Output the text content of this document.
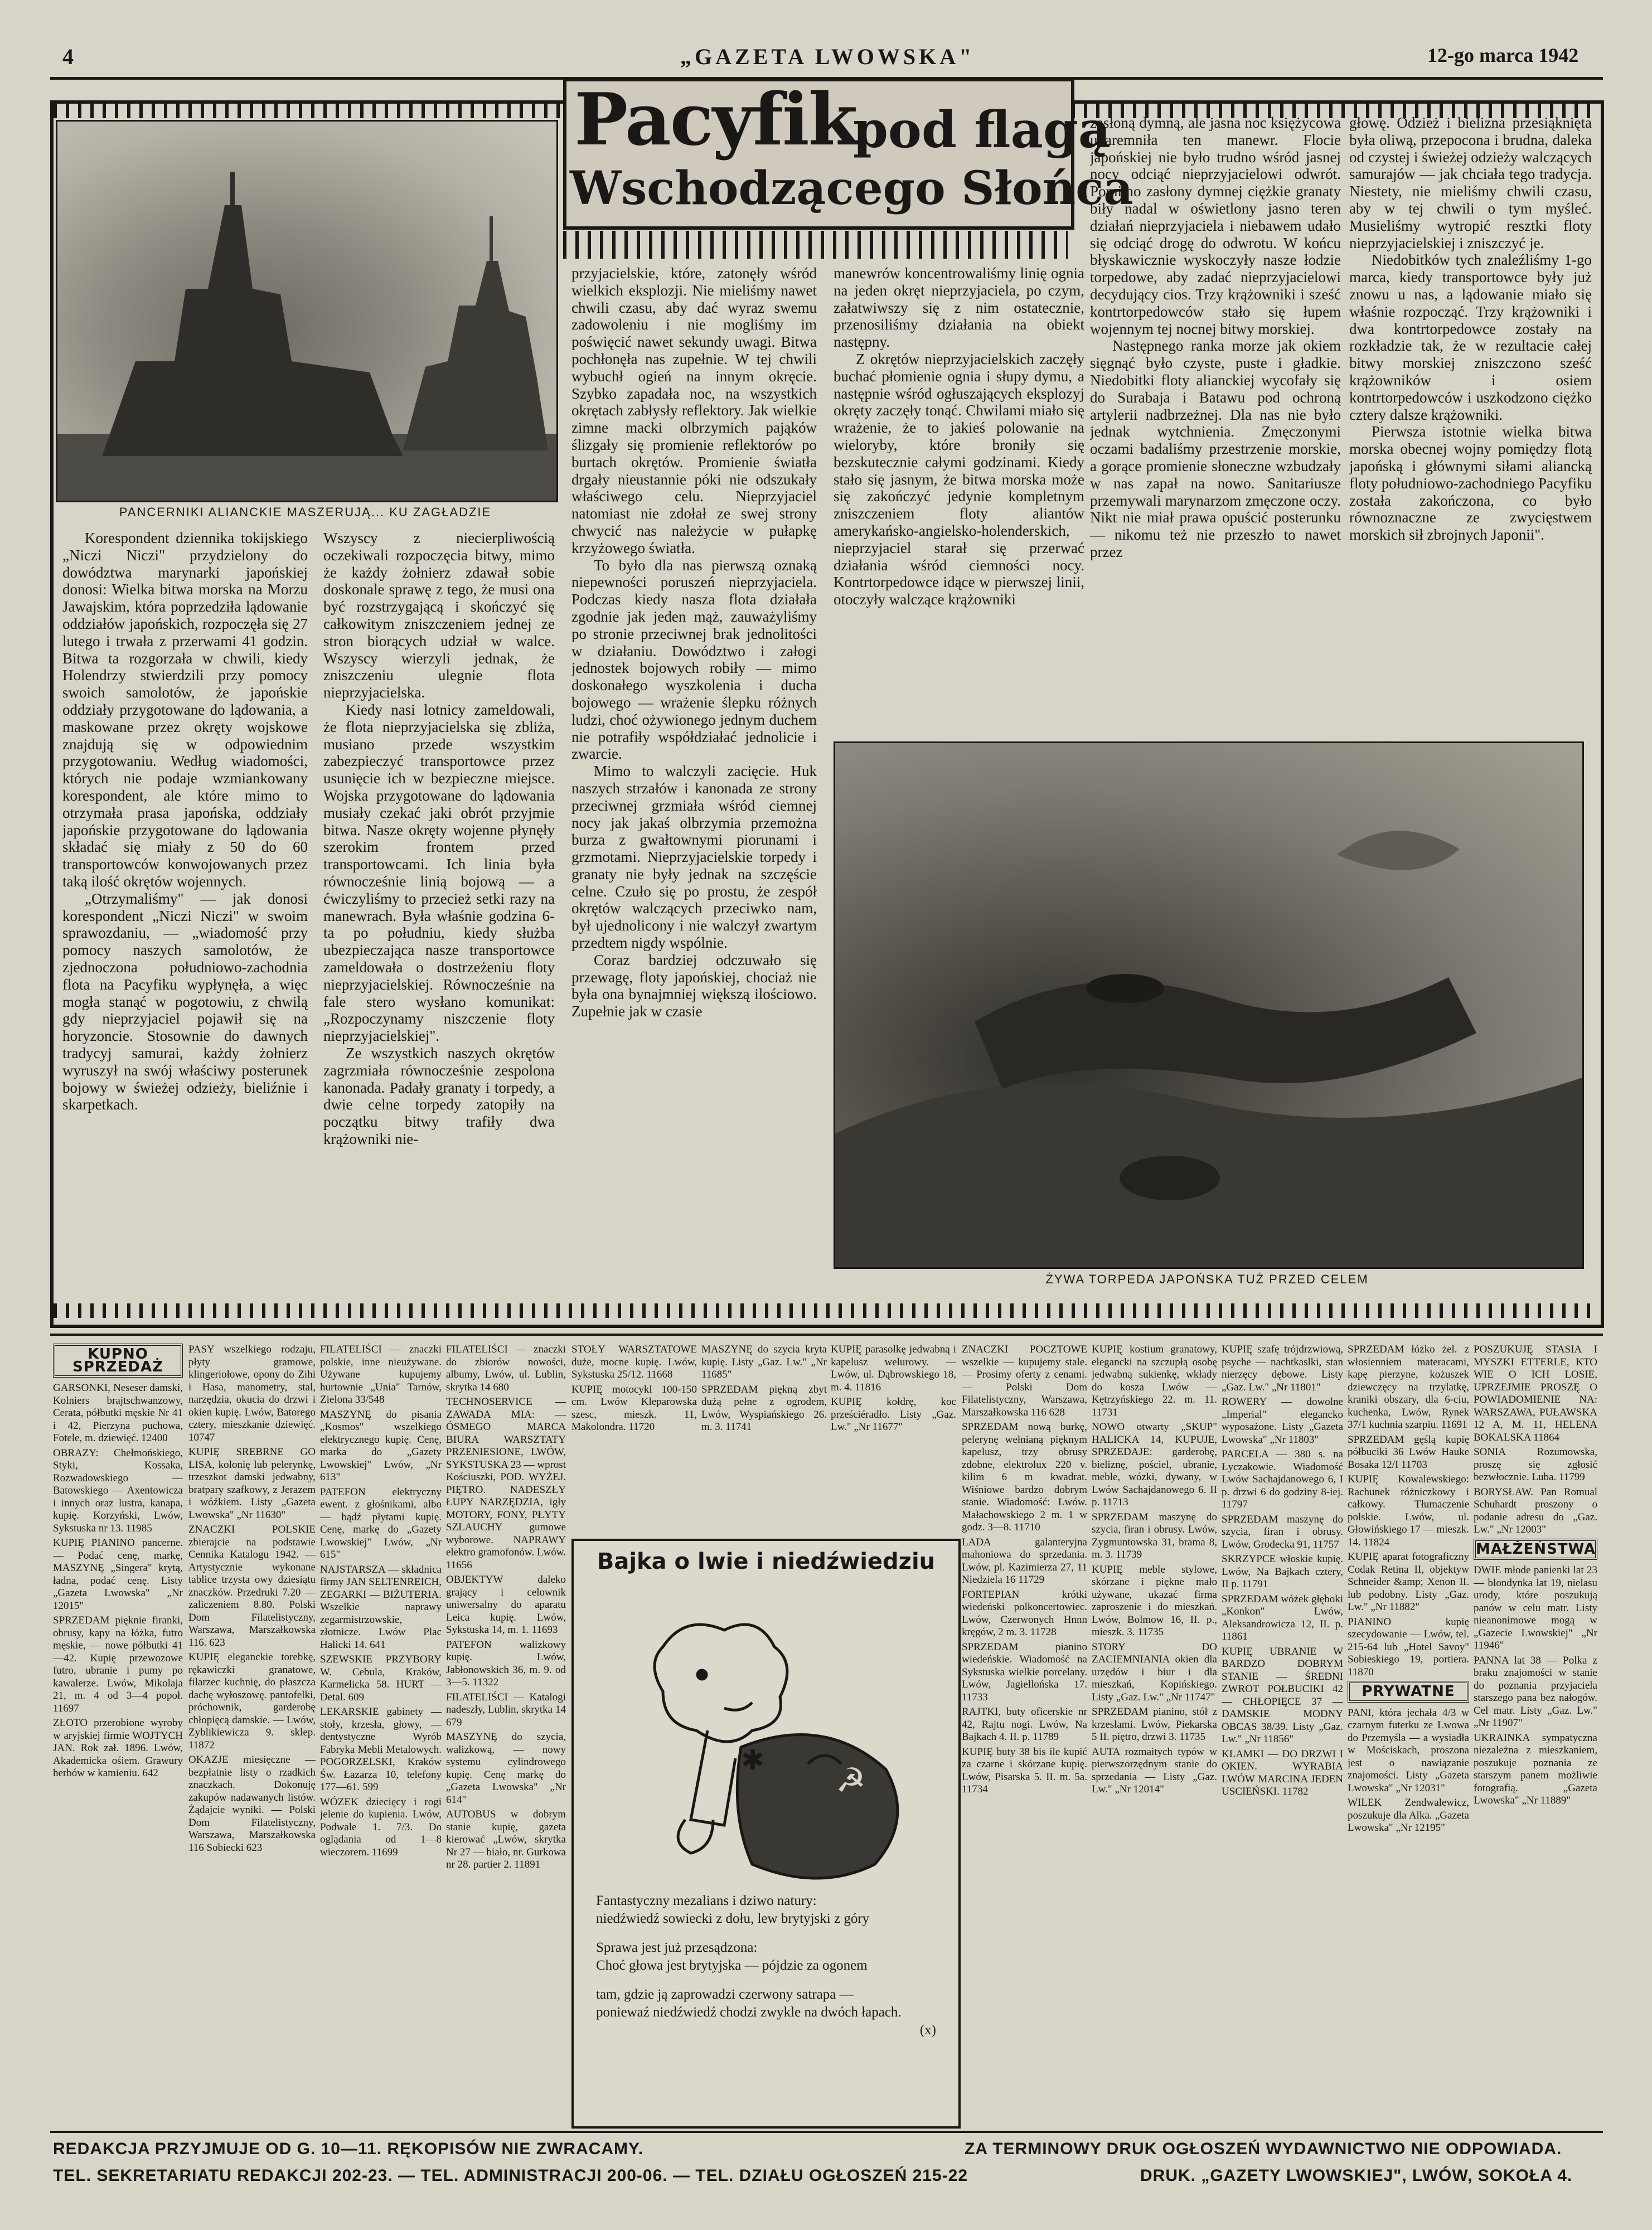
4	„GAZETA LWOWSKA"	12-go marca 1942
PANCERNIKI ALIANCKIE MASZERUJĄ... KU ZAGŁADZIE
Pacyfik
pod flagą
Wschodzącego Słońca

Korespondent dziennika tokijskiego „Niczi Niczi" przydzielony do dowództwa marynarki japońskiej donosi: Wielka bitwa morska na Morzu Jawajskim, która poprzedziła lądowanie oddziałów japońskich, rozpoczęła się 27 lutego i trwała z przerwami 41 godzin. Bitwa ta rozgorzała w chwili, kiedy Holendrzy stwierdzili przy pomocy swoich samolotów, że japońskie oddziały przygotowane do lądowania, a maskowane przez okręty wojskowe znajdują się w odpowiednim przygotowaniu. Według wiadomości, których nie podaje wzmiankowany korespondent, ale które mimo to otrzymała prasa japońska, oddziały japońskie przygotowane do lądowania składać się miały z 50 do 60 transportowców konwojowanych przez taką ilość okrętów wojennych.

„Otrzymaliśmy" — jak donosi korespondent „Niczi Niczi" w swoim sprawozdaniu, — „wiadomość przy pomocy naszych samolotów, że zjednoczona południowo-zachodnia flota na Pacyfiku wypłynęła, a więc mogła stanąć w pogotowiu, z chwilą gdy nieprzyjaciel pojawił się na horyzoncie. Stosownie do dawnych tradycyj samurai, każdy żołnierz wyruszył na swój właściwy posterunek bojowy w świeżej odzieży, bieliźnie i skarpetkach.

Wszyscy z niecierpliwością oczekiwali rozpoczęcia bitwy, mimo że każdy żołnierz zdawał sobie doskonale sprawę z tego, że musi ona być rozstrzygającą i skończyć się całkowitym zniszczeniem jednej ze stron biorących udział w walce. Wszyscy wierzyli jednak, że zniszczeniu ulegnie flota nieprzyjacielska.

Kiedy nasi lotnicy zameldowali, że flota nieprzyjacielska się zbliża, musiano przede wszystkim zabezpieczyć transportowce przez usunięcie ich w bezpieczne miejsce. Wojska przygotowane do lądowania musiały czekać jaki obrót przyjmie bitwa. Nasze okręty wojenne płynęły szerokim frontem przed transportowcami. Ich linia była równocześnie linią bojową — a ćwiczyliśmy to przecież setki razy na manewrach. Była właśnie godzina 6-ta po południu, kiedy służba ubezpieczająca nasze transportowce zameldowała o dostrzeżeniu floty nieprzyjacielskiej. Równocześnie na fale stero wysłano komunikat: „Rozpoczynamy niszczenie floty nieprzyjacielskiej".

Ze wszystkich naszych okrętów zagrzmiała równocześnie zespolona kanonada. Padały granaty i torpedy, a dwie celne torpedy zatopiły na początku bitwy trafiły dwa krążowniki nie-

przyjacielskie, które, zatonęły wśród wielkich eksplozji. Nie mieliśmy nawet chwili czasu, aby dać wyraz swemu zadowoleniu i nie mogliśmy im poświęcić nawet sekundy uwagi. Bitwa pochłonęła nas zupełnie. W tej chwili wybuchł ogień na innym okręcie. Szybko zapadała noc, na wszystkich okrętach zabłysły reflektory. Jak wielkie zimne macki olbrzymich pająków ślizgały się promienie reflektorów po burtach okrętów. Promienie światła drgały nieustannie póki nie odszukały właściwego celu. Nieprzyjaciel natomiast nie zdołał ze swej strony chwycić nas należycie w pułapkę krzyżowego światła.

To było dla nas pierwszą oznaką niepewności poruszeń nieprzyjaciela. Podczas kiedy nasza flota działała zgodnie jak jeden mąż, zauważyliśmy po stronie przeciwnej brak jednolitości w działaniu. Dowództwo i załogi jednostek bojowych robiły — mimo doskonałego wyszkolenia i ducha bojowego — wrażenie ślepku różnych ludzi, choć ożywionego jednym duchem nie potrafiły współdziałać jednolicie i zwarcie.

Mimo to walczyli zacięcie. Huk naszych strzałów i kanonada ze strony przeciwnej grzmiała wśród ciemnej nocy jak jakaś olbrzymia przemożna burza z gwałtownymi piorunami i grzmotami. Nieprzyjacielskie torpedy i granaty nie były jednak na szczęście celne. Czuło się po prostu, że zespół okrętów walczących przeciwko nam, był ujednolicony i nie walczył zwartym przedtem nigdy wspólnie.

Coraz bardziej odczuwało się przewagę, floty japońskiej, chociaż nie była ona bynajmniej większą ilościowo. Zupełnie jak w czasie

manewrów koncentrowaliśmy linię ognia na jeden okręt nieprzyjaciela, po czym, załatwiwszy się z nim ostatecznie, przenosiliśmy działania na obiekt następny.

Z okrętów nieprzyjacielskich zaczęły buchać płomienie ognia i słupy dymu, a następnie wśród ogłuszających eksplozyj okręty zaczęły tonąć. Chwilami miało się wrażenie, że to jakieś polowanie na wieloryby, które broniły się bezskutecznie całymi godzinami. Kiedy stało się jasnym, że bitwa morska może się zakończyć jedynie kompletnym zniszczeniem floty aliantów amerykańsko-angielsko-holenderskich, nieprzyjaciel starał się przerwać działania wśród ciemności nocy. Kontrtorpedowce idące w pierwszej linii, otoczyły walczące krążowniki

zasłoną dymną, ale jasna noc księżycowa udaremniła ten manewr. Flocie japońskiej nie było trudno wśród jasnej nocy odciąć nieprzyjacielowi odwrót. Pomimo zasłony dymnej ciężkie granaty biły nadal w oświetlony jasno teren działań nieprzyjaciela i niebawem udało się odciąć drogę do odwrotu. W końcu błyskawicznie wyskoczyły nasze łodzie torpedowe, aby zadać nieprzyjacielowi decydujący cios. Trzy krążowniki i sześć kontrtorpedowców stało się łupem wojennym tej nocnej bitwy morskiej.

Następnego ranka morze jak okiem sięgnąć było czyste, puste i gładkie. Niedobitki floty alianckiej wycofały się do Surabaja i Batawu pod ochroną artylerii nadbrzeżnej. Dla nas nie było jednak wytchnienia. Zmęczonymi oczami badaliśmy przestrzenie morskie, a gorące promienie słoneczne wzbudzały w nas zapał na nowo. Sanitariusze przemywali marynarzom zmęczone oczy. Nikt nie miał prawa opuścić posterunku — nikomu też nie przeszło to nawet przez

głowę. Odzież i bielizna przesiąknięta była oliwą, przepocona i brudna, daleka od czystej i świeżej odzieży walczących samurajów — jak chciała tego tradycja. Niestety, nie mieliśmy chwili czasu, aby w tej chwili o tym myśleć. Musieliśmy wytropić resztki floty nieprzyjacielskiej i zniszczyć je.

Niedobitków tych znaleźliśmy 1-go marca, kiedy transportowce były już znowu u nas, a lądowanie miało się właśnie rozpocząć. Trzy krążowniki i dwa kontrtorpedowce zostały na rozkładzie tak, że w rezultacie całej bitwy morskiej zniszczono sześć krążowników i osiem kontrtorpedowców i uszkodzono ciężko cztery dalsze krążowniki.

Pierwsza istotnie wielka bitwa morska obecnej wojny pomiędzy flotą japońską i głównymi siłami aliancką floty południowo-zachodniego Pacyfiku została zakończona, co było równoznaczne ze zwycięstwem morskich sił zbrojnych Japonii".

ŻYWA TORPEDA JAPOŃSKA TUŻ PRZED CELEM
KUPNO SPRZEDAŻ

GARSONKI, Neseser damski, Kolniers brajtschwanzowy, Cerata, półbutki męskie Nr 41 i 42, Pierzyna puchowa, Fotele, m. dziewięć. 12400

OBRAZY: Chełmońskiego, Styki, Kossaka, Rozwadowskiego — Batowskiego — Axentowicza i innych oraz lustra, kanapa, kupię. Korzyński, Lwów, Sykstuska nr 13. 11985

KUPIĘ PIANINO pancerne. — Podać cenę, markę, MASZYNĘ „Singera" krytą, ładna, podać cenę. Listy „Gazeta Lwowska" „Nr 12015"

SPRZEDAM pięknie firanki, obrusy, kapy na łóżka, futro męskie, — nowe półbutki 41—42. Kupię przewozowe futro, ubranie i pumy po kawalerze. Lwów, Mikolaja 21, m. 4 od 3—4 popoł. 11697

ZŁOTO przerobione wyroby w aryjskiej firmie WOJTYCH JAN. Rok zał. 1896. Lwów, Akademicka ośiem. Grawury herbów w kamieniu. 642

PASY wszelkiego rodzaju, płyty gramowe, klingeriołowe, opony do Zihi i Hasa, manometry, stal, narzędzia, okucia do drzwi i okien kupię. Lwów, Batorego cztery, mieszkanie dziewięć. 10747

KUPIĘ SREBRNE GO LISA, kolonię lub pelerynkę, trzeszkot damski jedwabny, bratpary szafkowy, z Jerazem i wóźkiem. Listy „Gazeta Lwowska" „Nr 11630"

ZNACZKI POLSKIE zbierajcie na podstawie Cennika Katalogu 1942. — Artystycznie wykonane tablice trzysta owy dziesiątu znaczków. Przedruki 7.20 — zaliczeniem 8.80. Polski Dom Filatelistyczny, Warszawa, Marszałkowska 116. 623

KUPIĘ eleganckie torebkę, rękawiczki granatowe, filarzec kuchnię, do płaszcza dachę wyłoszowę. pantofelki, próchownik, garderobę chłopięcą damskie. — Lwów, Zyblikiewicza 9. sklep. 11872

OKAZJE miesięczne — bezpłatnie listy o rzadkich znaczkach. Dokonuję zakupów nadawanych listów. Żądajcie wyniki. — Polski Dom Filatelistyczny, Warszawa, Marszałkowska 116 Sobiecki 623

FILATELIŚCI — znaczki polskie, inne nieużywane. Używane kupujemy hurtownie „Unia" Tarnów, Zielona 33/548

MASZYNĘ do pisania „Kosmos" wszelkiego elektrycznego kupię. Cenę, marka do „Gazety Lwowskiej" Lwów, „Nr 613"

PATEFON elektryczny ewent. z głośnikami, albo — bądź płytami kupię. Cenę, markę do „Gazety Lwowskiej" Lwów, „Nr 615"

NAJSTARSZA — składnica firmy JAN SELTENREICH, ZEGARKI — BIŻUTERIA. Wszelkie naprawy zegarmistrzowskie, złotnicze. Lwów Plac Halicki 14. 641

SZEWSKIE PRZYBORY W. Cebula, Kraków, Karmelicka 58. HURT — Detal. 609

LEKARSKIE gabinety — stoły, krzesła, głowy, — dentystyczne Wyrób Fabryka Mebli Metalowych. POGORZELSKI, Kraków Św. Łazarza 10, telefony 177—61. 599

WÓZEK dziecięcy i rogi jelenie do kupienia. Lwów, Podwale 1. 7/3. Do oglądania od 1—8 wieczorem. 11699

FILATELIŚCI — znaczki do zbiorów nowości, albumy, Lwów, ul. Lublin, skrytka 14 680

TECHNOSERVICE — ZAWADA MIA: — ÓSMEGO MARCA BIURA WARSZTATY PRZENIESIONE, LWÓW, SYKSTUSKA 23 — wprost Kościuszki, POD. WYŻEJ. PIĘTRO. NADESZŁY ŁUPY NARZĘDZIA, igły MOTORY, FONY, PŁYTY SZLAUCHY gumowe wyborowe. NAPRAWY elektro gramofonów. Lwów. 11656

OBJEKTYW daleko grający i celownik uniwersalny do aparatu Leica kupię. Lwów, Sykstuska 14, m. 1. 11693

PATEFON walizkowy kupię. Lwów, Jabłonowskich 36, m. 9. od 3—5. 11322

FILATELIŚCI — Katalogi nadeszły, Lublin, skrytka 14 679

MASZYNĘ do szycia, walizkową, — nowy systemu cylindrowego kupię. Cenę markę do „Gazeta Lwowska" „Nr 614"

AUTOBUS w dobrym stanie kupię, gazeta kierować „Lwów, skrytka Nr 27 — biało, nr. Gurkowa nr 28. partier 2. 11891

STOŁY WARSZTATOWE duże, mocne kupię. Lwów, Sykstuska 25/12. 11668

KUPIĘ motocykl 100-150 cm. Lwów Kleparowska szesc, mieszk. 11, Makolondra. 11720

MASZYNĘ do szycia kryta kupię. Listy „Gaz. Lw." „Nr 11685"

SPRZEDAM piękną zbyt dużą pełne z ogrodem, Lwów, Wyspiańskiego 26. m. 3. 11741

KUPIĘ parasolkę jedwabną i kapelusz welurowy. — Lwów, ul. Dąbrowskiego 18, m. 4. 11816

KUPIĘ kołdrę, koc prześciéradło. Listy „Gaz. Lw." „Nr 11677"

Bajka o lwie i niedźwiedziu
☭
✱
Fantastyczny mezalians i dziwo natury:
niedźwiedź sowiecki z dołu, lew brytyjski z góry
Sprawa jest już przesądzona:
Choć głowa jest brytyjska — pójdzie za ogonem
tam, gdzie ją zaprowadzi czerwony satrapa —
poniewaź niedźwiedź chodzi zwykle na dwóch łapach.
(x)

ZNACZKI POCZTOWE wszelkie — kupujemy stale. — Prosimy oferty z cenami. — Polski Dom Filatelistyczny, Warszawa, Marszałkowska 116 628

SPRZEDAM nową burkę, pelerynę wełnianą pięknym kapelusz, trzy obrusy zdobne, elektrolux 220 v. kilim 6 m kwadrat. Wiśniowe bardzo dobrym stanie. Wiadomość: Lwów. Małachowskiego 2 m. 1 w godz. 3—8. 11710

LADA galanteryjna mahoniowa do sprzedania. Lwów, pl. Kazimierza 27, 11 Niedziela 16 11729

FORTEPIAN krótki wiedeński polkoncertowiec. Lwów, Czerwonych Hnnn kręgów, 2 m. 3. 11728

SPRZEDAM pianino wiedeńskie. Wiadomość na Sykstuska wielkie porcelany. Lwów, Jagiellońska 17. 11733

RAJTKI, buty oficerskie nr 42, Rajtu nogi. Lwów, Na Bajkach 4. II. p. 11789

KUPIĘ buty 38 bis ile kupić za czarne i skórzane kupię. Lwów, Pisarska 5. II. m. 5a. 11734

KUPIĘ kostium granatowy, elegancki na szczupłą osobę jedwabną sukienkę, wkłady do kosza Lwów — Kętrzyńskiego 22. m. 11. 11731

NOWO otwarty „SKUP" HALICKA 14, KUPUJE, SPRZEDAJE: garderobę, bieliznę, pościel, ubranie, meble, wózki, dywany, w Lwów Sachajdanowego 6. II p. 11713

SPRZEDAM maszynę do szycia, firan i obrusy. Lwów, Zygmuntowska 31, brama 8, m. 3. 11739

KUPIĘ meble stylowe, skórzane i piękne mało używane, ukazać firma zaproszenie i do mieszkań. Lwów, Bolmow 16, II. p., mieszk. 3. 11735

STORY DO ZACIEMNIANIA okien dla urzędów i biur i dla mieszkań, Kopińskiego. Listy „Gaz. Lw." „Nr 11747"

SPRZEDAM pianino, stół z krzesłami. Lwów, Piekarska 5 II. piętro, drzwi 3. 11735

AUTA rozmaitych typów w pierwszorzędnym stanie do sprzedania — Listy „Gaz. Lw." „Nr 12014"

KUPIĘ szafę trójdrzwiową, psyche — nachtkaslki, stan nierzęcy dębowe. Listy „Gaz. Lw." „Nr 11801"

ROWERY — dowolne „Imperial" elegancko wyposażone. Listy „Gazeta Lwowska" „Nr 11803"

PARCELA — 380 s. na Łyczakowie. Wiadomość Lwów Sachajdanowego 6, I p. drzwi 6 do godziny 8-iej. 11797

SPRZEDAM maszynę do szycia, firan i obrusy. Lwów, Grodecka 91, 11757

SKRZYPCE włoskie kupię. Lwów, Na Bajkach cztery, II p. 11791

SPRZEDAM wóżek głęboki „Konkon" Lwów, Aleksandrowicza 12, II. p. 11861

KUPIĘ UBRANIE W BARDZO DOBRYM STANIE — ŚREDNI ZWROT POŁBUCIKI 42 — CHŁOPIĘCE 37 — DAMSKIE MODNY OBCAS 38/39. Listy „Gaz. Lw." „Nr 11856"

KLAMKI — DO DRZWI I OKIEN. WYRABIA LWÓW MARCINA JEDEN USCIEŃSKI. 11782

SPRZEDAM łóżko żel. z włosienniem materacami, kapę pierzyne, kożuszek dziewczęcy na trzylatkę, kraniki obszary, dla 6-ciu, kuchenka, Lwów, Rynek 37/1 kuchnia szarpiu. 11691

SPRZEDAM gęślą kupię półbuciki 36 Lwów Hauke Bosaka 12/I 11703

KUPIĘ Kowalewskiego: Rachunek różniczkowy i całkowy. Tłumaczenie polskie. Lwów, ul. Głowińskiego 17 — mieszk. 14. 11824

KUPIĘ aparat fotograficzny Codak Retina II, objektyw Schneider &amp; Xenon II. lub podobny. Listy „Gaz. Lw." „Nr 11882"

PIANINO kupię szecydowanie — Lwów, tel. 215-64 lub „Hotel Savoy" Sobieskiego 19, portiera. 11870

PRYWATNE

PANI, która jechała 4/3 w czarnym futerku ze Lwowa do Przemyśla — a wysiadła w Mościskach, proszona jest o nawiązanie znajomości. Listy „Gazeta Lwowska" „Nr 12031"

WILEK Zendwalewicz, poszukuje dla Alka. „Gazeta Lwowska" „Nr 12195"

POSZUKUJĘ STASIA I MYSZKI ETTERLE, KTO WIE O ICH LOSIE, UPRZEJMIE PROSZĘ O POWIADOMIENIE NA: WARSZAWA, PUŁAWSKA 12 A, M. 11, HELENA BOKALSKA 11864

SONIA Rozumowska, proszę się zgłosić bezwłocznie. Luba. 11799

BORYSŁAW. Pan Romual Schuhardt proszony o podanie adresu do „Gaz. Lw." „Nr 12003"

MAŁŻEŃSTWA

DWIE młode panienki lat 23 — blondynka lat 19, nielasu urody, które poszukują panów w celu matr. Listy nieanonimowe mogą w „Gazecie Lwowskiej" „Nr 11946"

PANNA lat 38 — Polka z braku znajomości w stanie do poznania przyjaciela starszego pana bez nałogów. Cel matr. Listy „Gaz. Lw." „Nr 11907"

UKRAINKA sympatyczna niezależna z mieszkaniem, poszukuje poznania ze starszym panem możliwie fotografią. „Gazeta Lwowska" „Nr 11889"

REDAKCJA PRZYJMUJE OD G. 10—11. RĘKOPISÓW NIE ZWRACAMY.	ZA TERMINOWY DRUK OGŁOSZEŃ WYDAWNICTWO NIE ODPOWIADA.
TEL. SEKRETARIATU REDAKCJI 202-23. — TEL. ADMINISTRACJI 200-06. — TEL. DZIAŁU OGŁOSZEŃ 215-22	DRUK. „GAZETY LWOWSKIEJ", LWÓW, SOKOŁA 4.
